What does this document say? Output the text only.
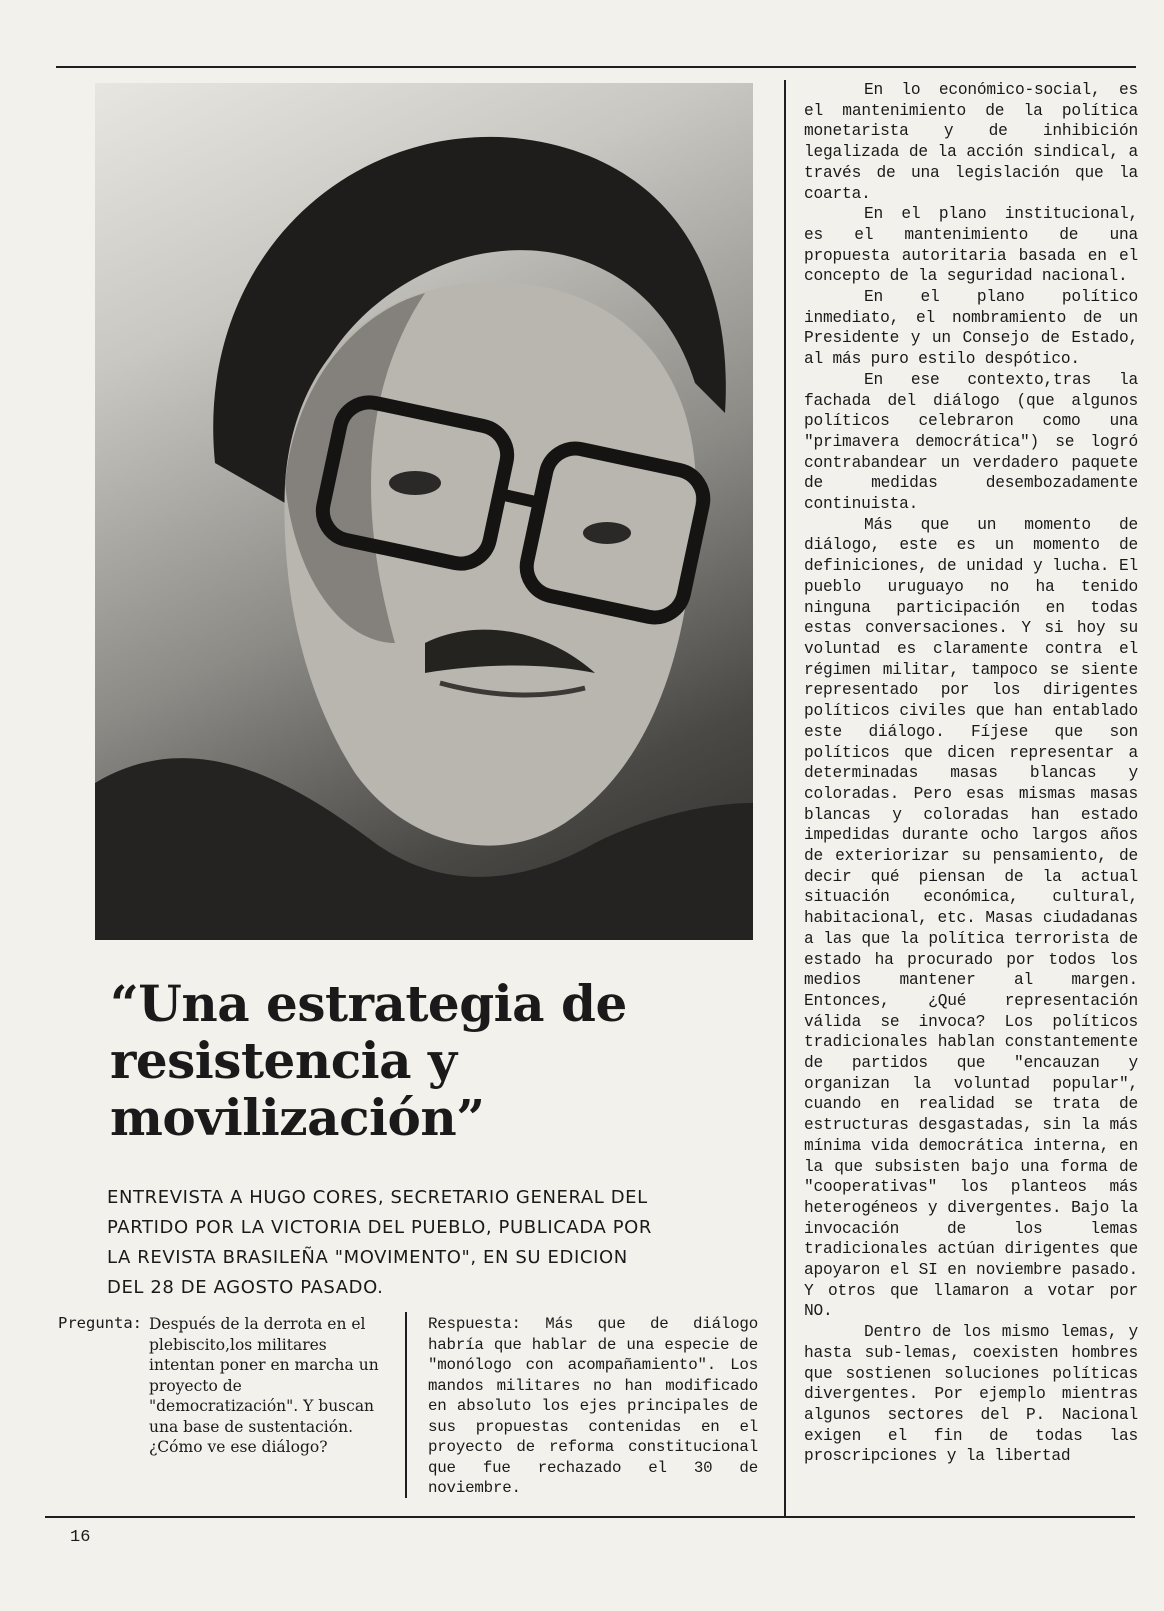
En lo económico-social, es el mantenimiento de la política monetarista y de inhibición legalizada de la acción sindical, a través de una legislación que la coarta.

En el plano institucional, es el mantenimiento de una propuesta autoritaria basada en el concepto de la seguridad nacional.

En el plano político inmediato, el nombramiento de un Presidente y un Consejo de Estado, al más puro estilo despótico.

En ese contexto,tras la fachada del diálogo (que algunos políticos celebraron como una "primavera democrática") se logró contrabandear un verdadero paquete de medidas desembozadamente continuista.

Más que un momento de diálogo, este es un momento de definiciones, de unidad y lucha. El pueblo uruguayo no ha tenido ninguna participación en todas estas conversaciones. Y si hoy su voluntad es claramente contra el régimen militar, tampoco se siente representado por los dirigentes políticos civiles que han entablado este diálogo. Fíjese que son políticos que dicen representar a determinadas masas blancas y coloradas. Pero esas mismas masas blancas y coloradas han estado impedidas durante ocho largos años de exteriorizar su pensamiento, de decir qué piensan de la actual situación económica, cultural, habitacional, etc. Masas ciudadanas a las que la política terrorista de estado ha procurado por todos los medios mantener al margen. Entonces, ¿Qué representación válida se invoca? Los políticos tradicionales hablan constantemente de partidos que "encauzan y organizan la voluntad popular", cuando en realidad se trata de estructuras desgastadas, sin la más mínima vida democrática interna, en la que subsisten bajo una forma de "cooperativas" los planteos más heterogéneos y divergentes. Bajo la invocación de los lemas tradicionales actúan dirigentes que apoyaron el SI en noviembre pasado. Y otros que llamaron a votar por NO.

Dentro de los mismo lemas, y hasta sub-lemas, coexisten hombres que sostienen soluciones políticas divergentes. Por ejemplo mientras algunos sectores del P. Nacional exigen el fin de todas las proscripciones y la libertad

“Una estrategia de
resistencia y
movilización”
ENTREVISTA A HUGO CORES, SECRETARIO GENERAL DEL
PARTIDO POR LA VICTORIA DEL PUEBLO, PUBLICADA POR
LA REVISTA BRASILEÑA "MOVIMENTO", EN SU EDICION
DEL 28 DE AGOSTO PASADO.
Pregunta: Después de la derrota en el plebiscito,los militares intentan poner en marcha un proyecto de "democratización". Y buscan una base de sustentación. ¿Cómo ve ese diálogo?
Respuesta: Más que de diálogo habría que hablar de una especie de "monólogo con acompañamiento". Los mandos militares no han modificado en absoluto los ejes principales de sus propuestas contenidas en el proyecto de reforma constitucional que fue rechazado el 30 de noviembre.
16
